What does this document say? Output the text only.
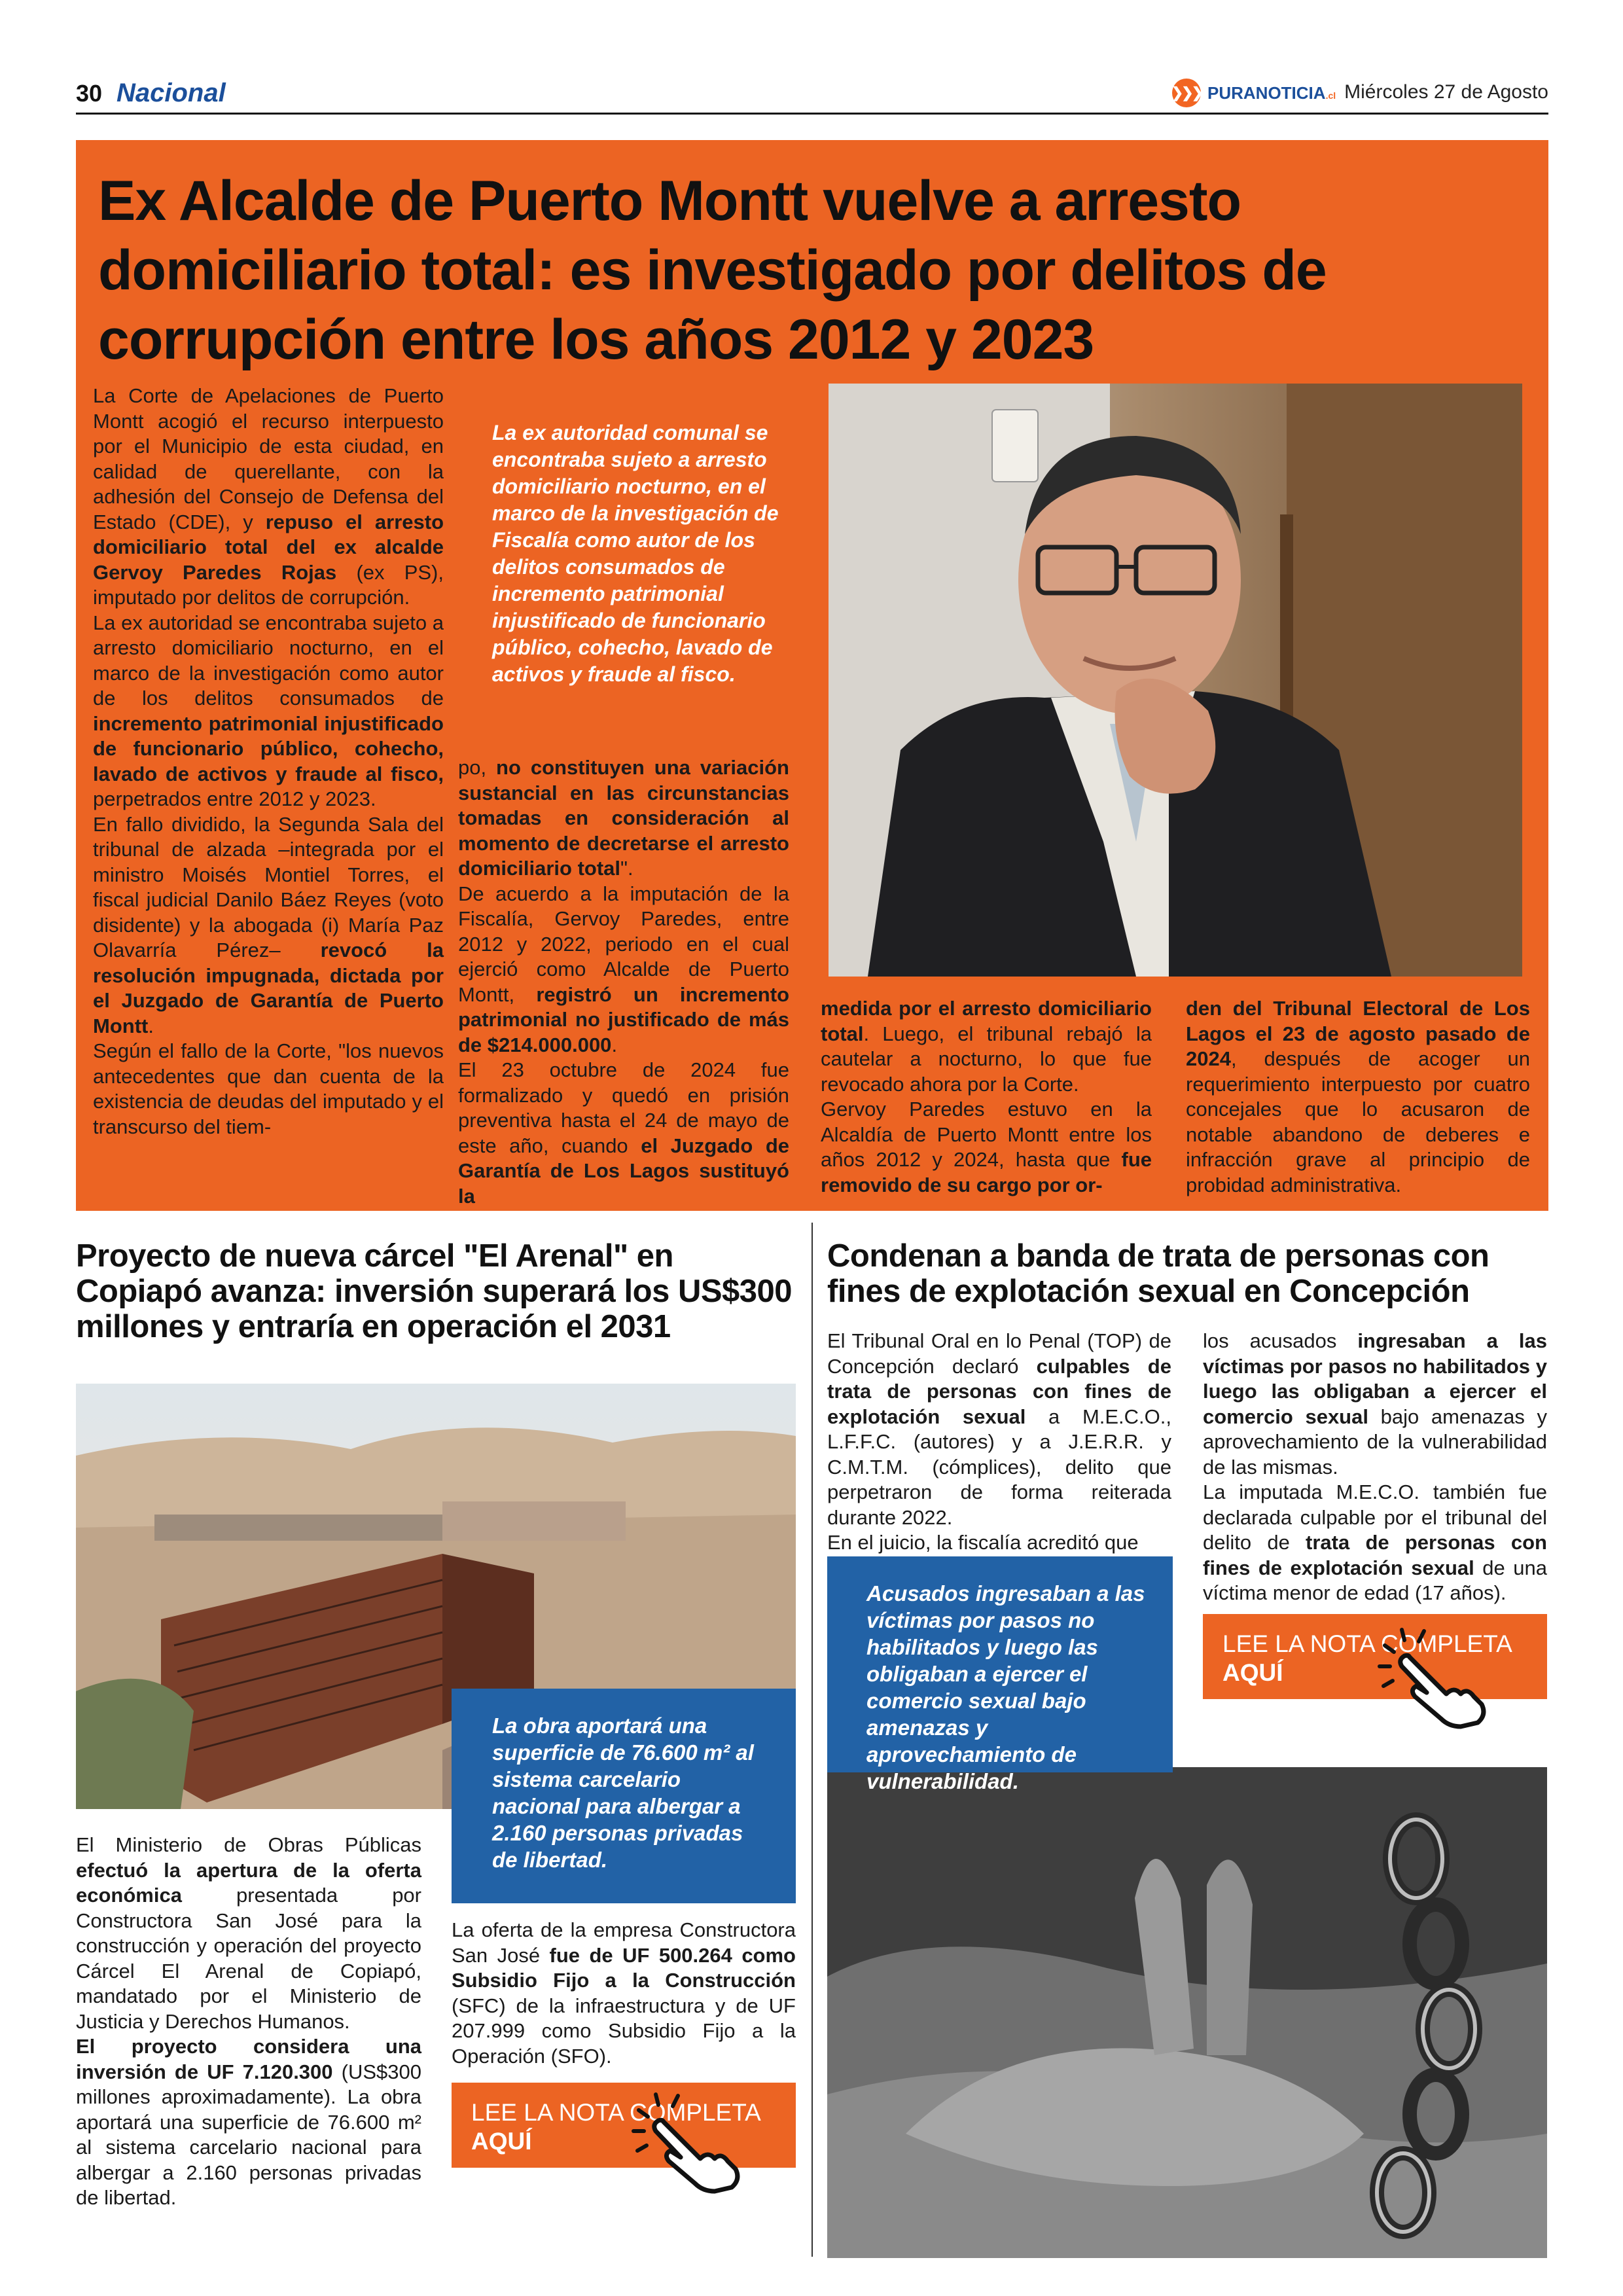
30 Nacional	❯❯❯ PURANOTICIA.cl Miércoles 27 de Agosto
Ex Alcalde de Puerto Montt vuelve a arresto domiciliario total: es investigado por delitos de corrupción entre los años 2012 y 2023
La Corte de Apelaciones de Puerto Montt acogió el recurso interpuesto por el Municipio de esta ciudad, en calidad de querellante, con la adhesión del Consejo de Defensa del Estado (CDE), y repuso el arresto domiciliario total del ex alcalde Gervoy Paredes Rojas (ex PS), imputado por delitos de corrupción.
La ex autoridad se encontraba sujeto a arresto domiciliario nocturno, en el marco de la investigación como autor de los delitos consumados de incremento patrimonial injustificado de funcionario público, cohecho, lavado de activos y fraude al fisco, perpetrados entre 2012 y 2023.
En fallo dividido, la Segunda Sala del tribunal de alzada –integrada por el ministro Moisés Montiel Torres, el fiscal judicial Danilo Báez Reyes (voto disidente) y la abogada (i) María Paz Olavarría Pérez– revocó la resolución impugnada, dictada por el Juzgado de Garantía de Puerto Montt.
Según el fallo de la Corte, "los nuevos antecedentes que dan cuenta de la existencia de deudas del imputado y el transcurso del tiem-
La ex autoridad comunal se encontraba sujeto a arresto domiciliario nocturno, en el marco de la investigación de Fiscalía como autor de los delitos consumados de incremento patrimonial injustificado de funcionario público, cohecho, lavado de activos y fraude al fisco.
po, no constituyen una variación sustancial en las circunstancias tomadas en consideración al momento de decretarse el arresto domiciliario total".
De acuerdo a la imputación de la Fiscalía, Gervoy Paredes, entre 2012 y 2022, periodo en el cual ejerció como Alcalde de Puerto Montt, registró un incremento patrimonial no justificado de más de $214.000.000.
El 23 octubre de 2024 fue formalizado y quedó en prisión preventiva hasta el 24 de mayo de este año, cuando el Juzgado de Garantía de Los Lagos sustituyó la
medida por el arresto domiciliario total. Luego, el tribunal rebajó la cautelar a nocturno, lo que fue revocado ahora por la Corte.
Gervoy Paredes estuvo en la Alcaldía de Puerto Montt entre los años 2012 y 2024, hasta que fue removido de su cargo por or-
den del Tribunal Electoral de Los Lagos el 23 de agosto pasado de 2024, después de acoger un requerimiento interpuesto por cuatro concejales que lo acusaron de notable abandono de deberes e infracción grave al principio de probidad administrativa.
Proyecto de nueva cárcel "El Arenal" en Copiapó avanza: inversión superará los US$300 millones y entraría en operación el 2031
La obra aportará una superficie de 76.600 m² al sistema carcelario nacional para albergar a 2.160 personas privadas de libertad.
El Ministerio de Obras Públicas efectuó la apertura de la oferta económica presentada por Constructora San José para la construcción y operación del proyecto Cárcel El Arenal de Copiapó, mandatado por el Ministerio de Justicia y Derechos Humanos.
El proyecto considera una inversión de UF 7.120.300 (US$300 millones aproximadamente). La obra aportará una superficie de 76.600 m² al sistema carcelario nacional para albergar a 2.160 personas privadas de libertad.
La oferta de la empresa Constructora San José fue de UF 500.264 como Subsidio Fijo a la Construcción (SFC) de la infraestructura y de UF 207.999 como Subsidio Fijo a la Operación (SFO).
LEE LA NOTA COMPLETA
AQUÍ
Condenan a banda de trata de personas con fines de explotación sexual en Concepción
El Tribunal Oral en lo Penal (TOP) de Concepción declaró culpables de trata de personas con fines de explotación sexual a M.E.C.O., L.F.F.C. (autores) y a J.E.R.R. y C.M.T.M. (cómplices), delito que perpetraron de forma reiterada durante 2022.
En el juicio, la fiscalía acreditó que
los acusados ingresaban a las víctimas por pasos no habilitados y luego las obligaban a ejercer el comercio sexual bajo amenazas y aprovechamiento de la vulnerabilidad de las mismas.
La imputada M.E.C.O. también fue declarada culpable por el tribunal del delito de trata de personas con fines de explotación sexual de una víctima menor de edad (17 años).
Acusados ingresaban a las víctimas por pasos no habilitados y luego las obligaban a ejercer el comercio sexual bajo amenazas y aprovechamiento de vulnerabilidad.
LEE LA NOTA COMPLETA
AQUÍ
